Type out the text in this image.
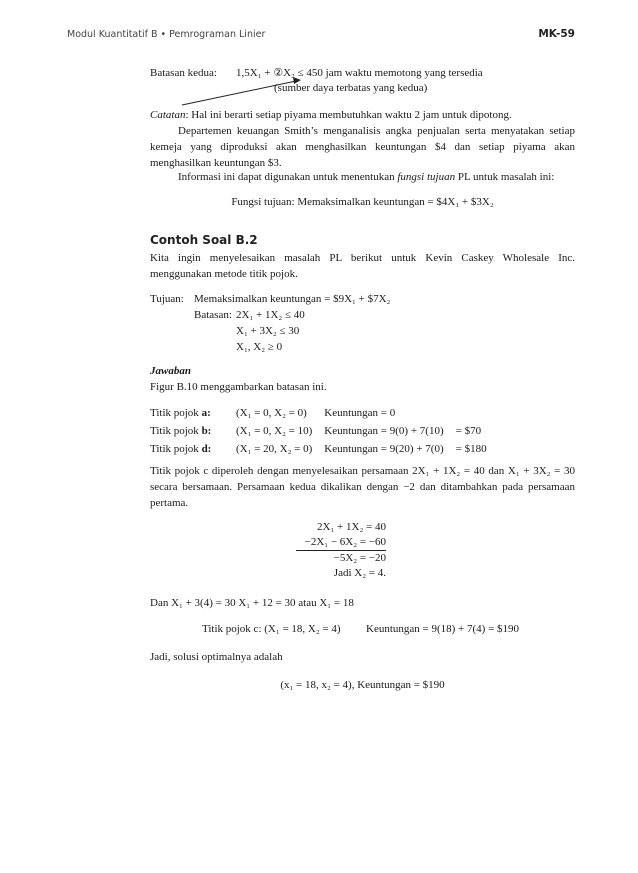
Modul Kuantitatif B • Pemrograman Linier	MK-59
Batasan kedua: 1,5X₁ + ②X₂ ≤ 450 jam waktu memotong yang tersedia
(sumber daya terbatas yang kedua)
Catatan: Hal ini berarti setiap piyama membutuhkan waktu 2 jam untuk dipotong.
Departemen keuangan Smith’s menganalisis angka penjualan serta menyatakan setiap kemeja yang diproduksi akan menghasilkan keuntungan $4 dan setiap piyama akan menghasilkan keuntungan $3.
Informasi ini dapat digunakan untuk menentukan fungsi tujuan PL untuk masalah ini:
Fungsi tujuan: Memaksimalkan keuntungan = $4X₁ + $3X₂
Contoh Soal B.2
Kita ingin menyelesaikan masalah PL berikut untuk Kevin Caskey Wholesale Inc. menggunakan metode titik pojok.
Tujuan: Memaksimalkan keuntungan = $9X₁ + $7X₂
Batasan: 2X₁ + 1X₂ ≤ 40
X₁ + 3X₂ ≤ 30
X₁, X₂ ≥ 0
Jawaban
Figur B.10 menggambarkan batasan ini.
Titik pojok a:	(X₁ = 0, X₂ = 0)	Keuntungan = 0	
Titik pojok b:	(X₁ = 0, X₂ = 10)	Keuntungan = 9(0) + 7(10)	= $70
Titik pojok d:	(X₁ = 20, X₂ = 0)	Keuntungan = 9(20) + 7(0)	= $180
Titik pojok c diperoleh dengan menyelesaikan persamaan 2X₁ + 1X₂ = 40 dan X₁ + 3X₂ = 30 secara bersamaan. Persamaan kedua dikalikan dengan −2 dan ditambahkan pada persamaan pertama.
2X₁ + 1X₂ = 40
−2X₁ − 6X₂ = −60
−5X₂ = −20
Jadi X₂ = 4.
Dan X₁ + 3(4) = 30 X₁ + 12 = 30 atau X₁ = 18
Titik pojok c: (X₁ = 18, X₂ = 4) Keuntungan = 9(18) + 7(4) = $190
Jadi, solusi optimalnya adalah
(x₁ = 18, x₂ = 4), Keuntungan = $190
